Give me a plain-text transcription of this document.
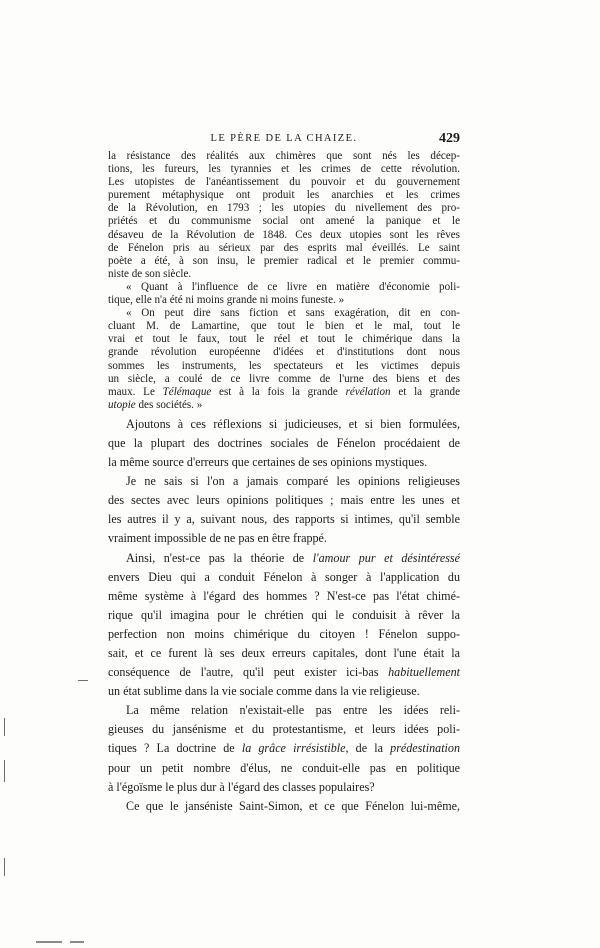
LE PÈRE DE LA CHAIZE.	429

la résistance des réalités aux chimères que sont nés les décep-

tions, les fureurs, les tyrannies et les crimes de cette révolution.

Les utopistes de l'anéantissement du pouvoir et du gouvernement

purement métaphysique ont produit les anarchies et les crimes

de la Révolution, en 1793 ; les utopies du nivellement des pro-

priétés et du communisme social ont amené la panique et le

désaveu de la Révolution de 1848. Ces deux utopies sont les rêves

de Fénelon pris au sérieux par des esprits mal éveillés. Le saint

poète a été, à son insu, le premier radical et le premier commu-

niste de son siècle.

« Quant à l'influence de ce livre en matière d'économie poli-

tique, elle n'a été ni moins grande ni moins funeste. »

« On peut dire sans fiction et sans exagération, dit en con-

cluant M. de Lamartine, que tout le bien et le mal, tout le

vrai et tout le faux, tout le réel et tout le chimérique dans la

grande révolution européenne d'idées et d'institutions dont nous

sommes les instruments, les spectateurs et les victimes depuis

un siècle, a coulé de ce livre comme de l'urne des biens et des

maux. Le Télémaque est à la fois la grande révélation et la grande

utopie des sociétés. »

Ajoutons à ces réflexions si judicieuses, et si bien formulées,

que la plupart des doctrines sociales de Fénelon procédaient de

la même source d'erreurs que certaines de ses opinions mystiques.

Je ne sais si l'on a jamais comparé les opinions religieuses

des sectes avec leurs opinions politiques ; mais entre les unes et

les autres il y a, suivant nous, des rapports si intimes, qu'il semble

vraiment impossible de ne pas en être frappé.

Ainsi, n'est-ce pas la théorie de l'amour pur et désintéressé

envers Dieu qui a conduit Fénelon à songer à l'application du

même système à l'égard des hommes ? N'est-ce pas l'état chimé-

rique qu'il imagina pour le chrétien qui le conduisit à rêver la

perfection non moins chimérique du citoyen ! Fénelon suppo-

sait, et ce furent là ses deux erreurs capitales, dont l'une était la

conséquence de l'autre, qu'il peut exister ici-bas habituellement

un état sublime dans la vie sociale comme dans la vie religieuse.

La même relation n'existait-elle pas entre les idées reli-

gieuses du jansénisme et du protestantisme, et leurs idées poli-

tiques ? La doctrine de la grâce irrésistible, de la prédestination

pour un petit nombre d'élus, ne conduit-elle pas en politique

à l'égoïsme le plus dur à l'égard des classes populaires?

Ce que le janséniste Saint-Simon, et ce que Fénelon lui-même,
